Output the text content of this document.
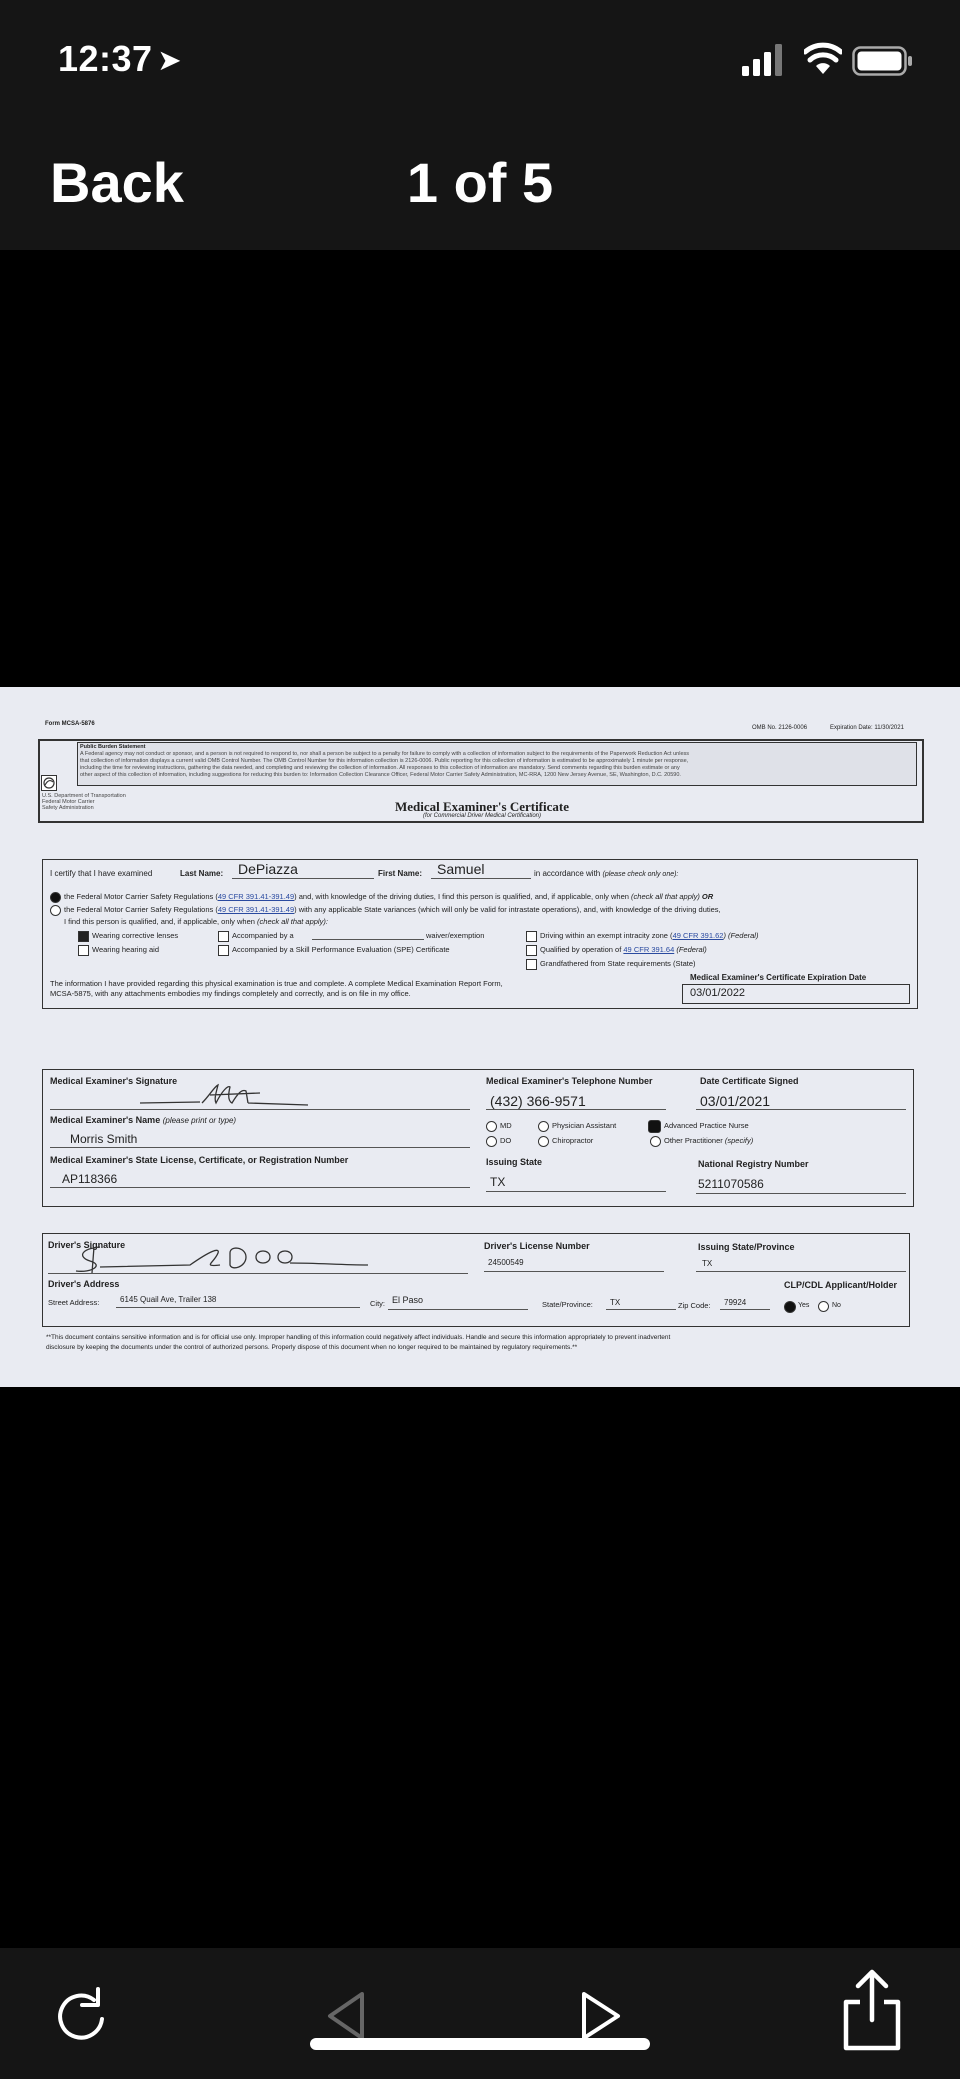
12:37 ➤
Back	1 of 5
Form MCSA-5876
OMB No. 2126-0006	Expiration Date: 11/30/2021
Public Burden Statement
A Federal agency may not conduct or sponsor, and a person is not required to respond to, nor shall a person be subject to a penalty for failure to comply with a collection of information subject to the requirements of the Paperwork Reduction Act unless
that collection of information displays a current valid OMB Control Number. The OMB Control Number for this information collection is 2126-0006. Public reporting for this collection of information is estimated to be approximately 1 minute per response,
including the time for reviewing instructions, gathering the data needed, and completing and reviewing the collection of information. All responses to this collection of information are mandatory. Send comments regarding this burden estimate or any
other aspect of this collection of information, including suggestions for reducing this burden to: Information Collection Clearance Officer, Federal Motor Carrier Safety Administration, MC-RRA, 1200 New Jersey Avenue, SE, Washington, D.C. 20590.
U.S. Department of Transportation
Federal Motor Carrier
Safety Administration	Medical Examiner's Certificate
(for Commercial Driver Medical Certification)
I certify that I have examined	Last Name: DePiazza	First Name: Samuel	in accordance with (please check only one):
the Federal Motor Carrier Safety Regulations (49 CFR 391.41-391.49) and, with knowledge of the driving duties, I find this person is qualified, and, if applicable, only when (check all that apply) OR
the Federal Motor Carrier Safety Regulations (49 CFR 391.41-391.49) with any applicable State variances (which will only be valid for intrastate operations), and, with knowledge of the driving duties,
I find this person is qualified, and, if applicable, only when (check all that apply):
Wearing corrective lenses
Wearing hearing aid
Accompanied by a	waiver/exemption
Accompanied by a Skill Performance Evaluation (SPE) Certificate
Driving within an exempt intracity zone (49 CFR 391.62) (Federal)
Qualified by operation of 49 CFR 391.64 (Federal)
Grandfathered from State requirements (State)
The information I have provided regarding this physical examination is true and complete. A complete Medical Examination Report Form,
MCSA-5875, with any attachments embodies my findings completely and correctly, and is on file in my office.
Medical Examiner's Certificate Expiration Date
03/01/2022
Medical Examiner's Signature	Medical Examiner's Telephone Number
(432) 366-9571
Date Certificate Signed
03/01/2021
Medical Examiner's Name (please print or type)
Morris Smith
MD
DO
Physician Assistant
Chiropractor
Advanced Practice Nurse
Other Practitioner (specify)
Medical Examiner's State License, Certificate, or Registration Number
AP118366
Issuing State
TX
National Registry Number
5211070586
Driver's Signature	Driver's License Number
24500549
Issuing State/Province
TX
Driver's Address	CLP/CDL Applicant/Holder
Street Address:	6145 Quail Ave, Trailer 138	City: El Paso	State/Province: TX	Zip Code: 79924	Yes	No
**This document contains sensitive information and is for official use only. Improper handling of this information could negatively affect individuals. Handle and secure this information appropriately to prevent inadvertent
disclosure by keeping the documents under the control of authorized persons. Properly dispose of this document when no longer required to be maintained by regulatory requirements.**
